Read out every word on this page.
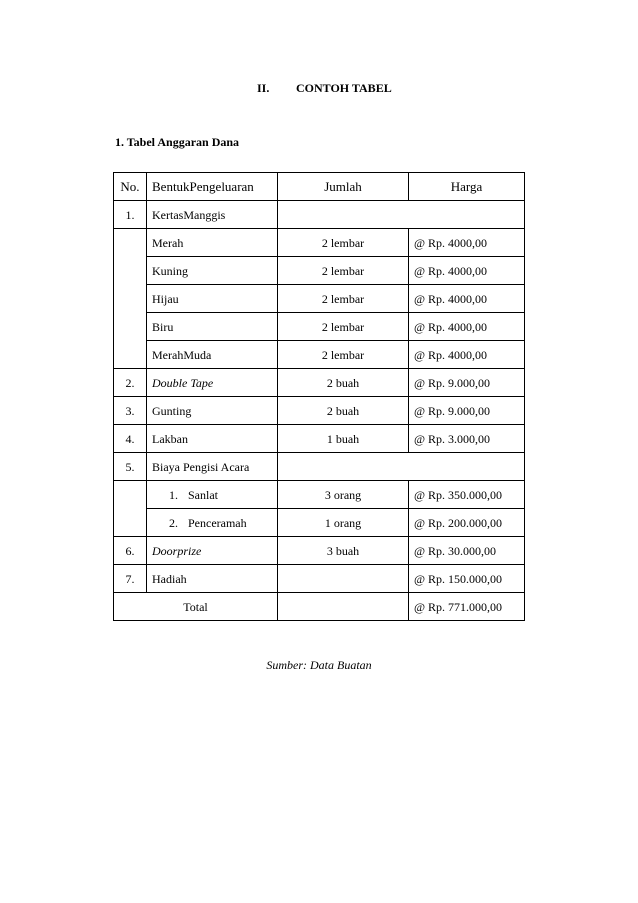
II. CONTOH TABEL
1. Tabel Anggaran Dana
No.	BentukPengeluaran	Jumlah	Harga
1.	KertasManggis		
	Merah	2 lembar	@ Rp. 4000,00
	Kuning	2 lembar	@ Rp. 4000,00
	Hijau	2 lembar	@ Rp. 4000,00
	Biru	2 lembar	@ Rp. 4000,00
	MerahMuda	2 lembar	@ Rp. 4000,00
2.	Double Tape	2 buah	@ Rp. 9.000,00
3.	Gunting	2 buah	@ Rp. 9.000,00
4.	Lakban	1 buah	@ Rp. 3.000,00
5.	Biaya Pengisi Acara		
	1. Sanlat	3 orang	@ Rp. 350.000,00
	2. Penceramah	1 orang	@ Rp. 200.000,00
6.	Doorprize	3 buah	@ Rp. 30.000,00
7.	Hadiah		@ Rp. 150.000,00
Total			@ Rp. 771.000,00
Sumber: Data Buatan
